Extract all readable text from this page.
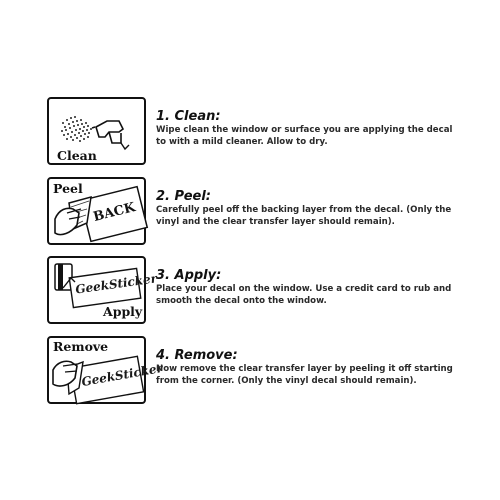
Clean
1. Clean:
Wipe clean the window or surface you are applying the decal to with a mild cleaner. Allow to dry.
Peel
BACK
2. Peel:
Carefully peel off the backing layer from the decal. (Only the vinyl and the clear transfer layer should remain).
GeekSticker
Apply
3. Apply:
Place your decal on the window. Use a credit card to rub and smooth the decal onto the window.
Remove
GeekSticker
4. Remove:
Now remove the clear transfer layer by peeling it off starting from the corner. (Only the vinyl decal should remain).
